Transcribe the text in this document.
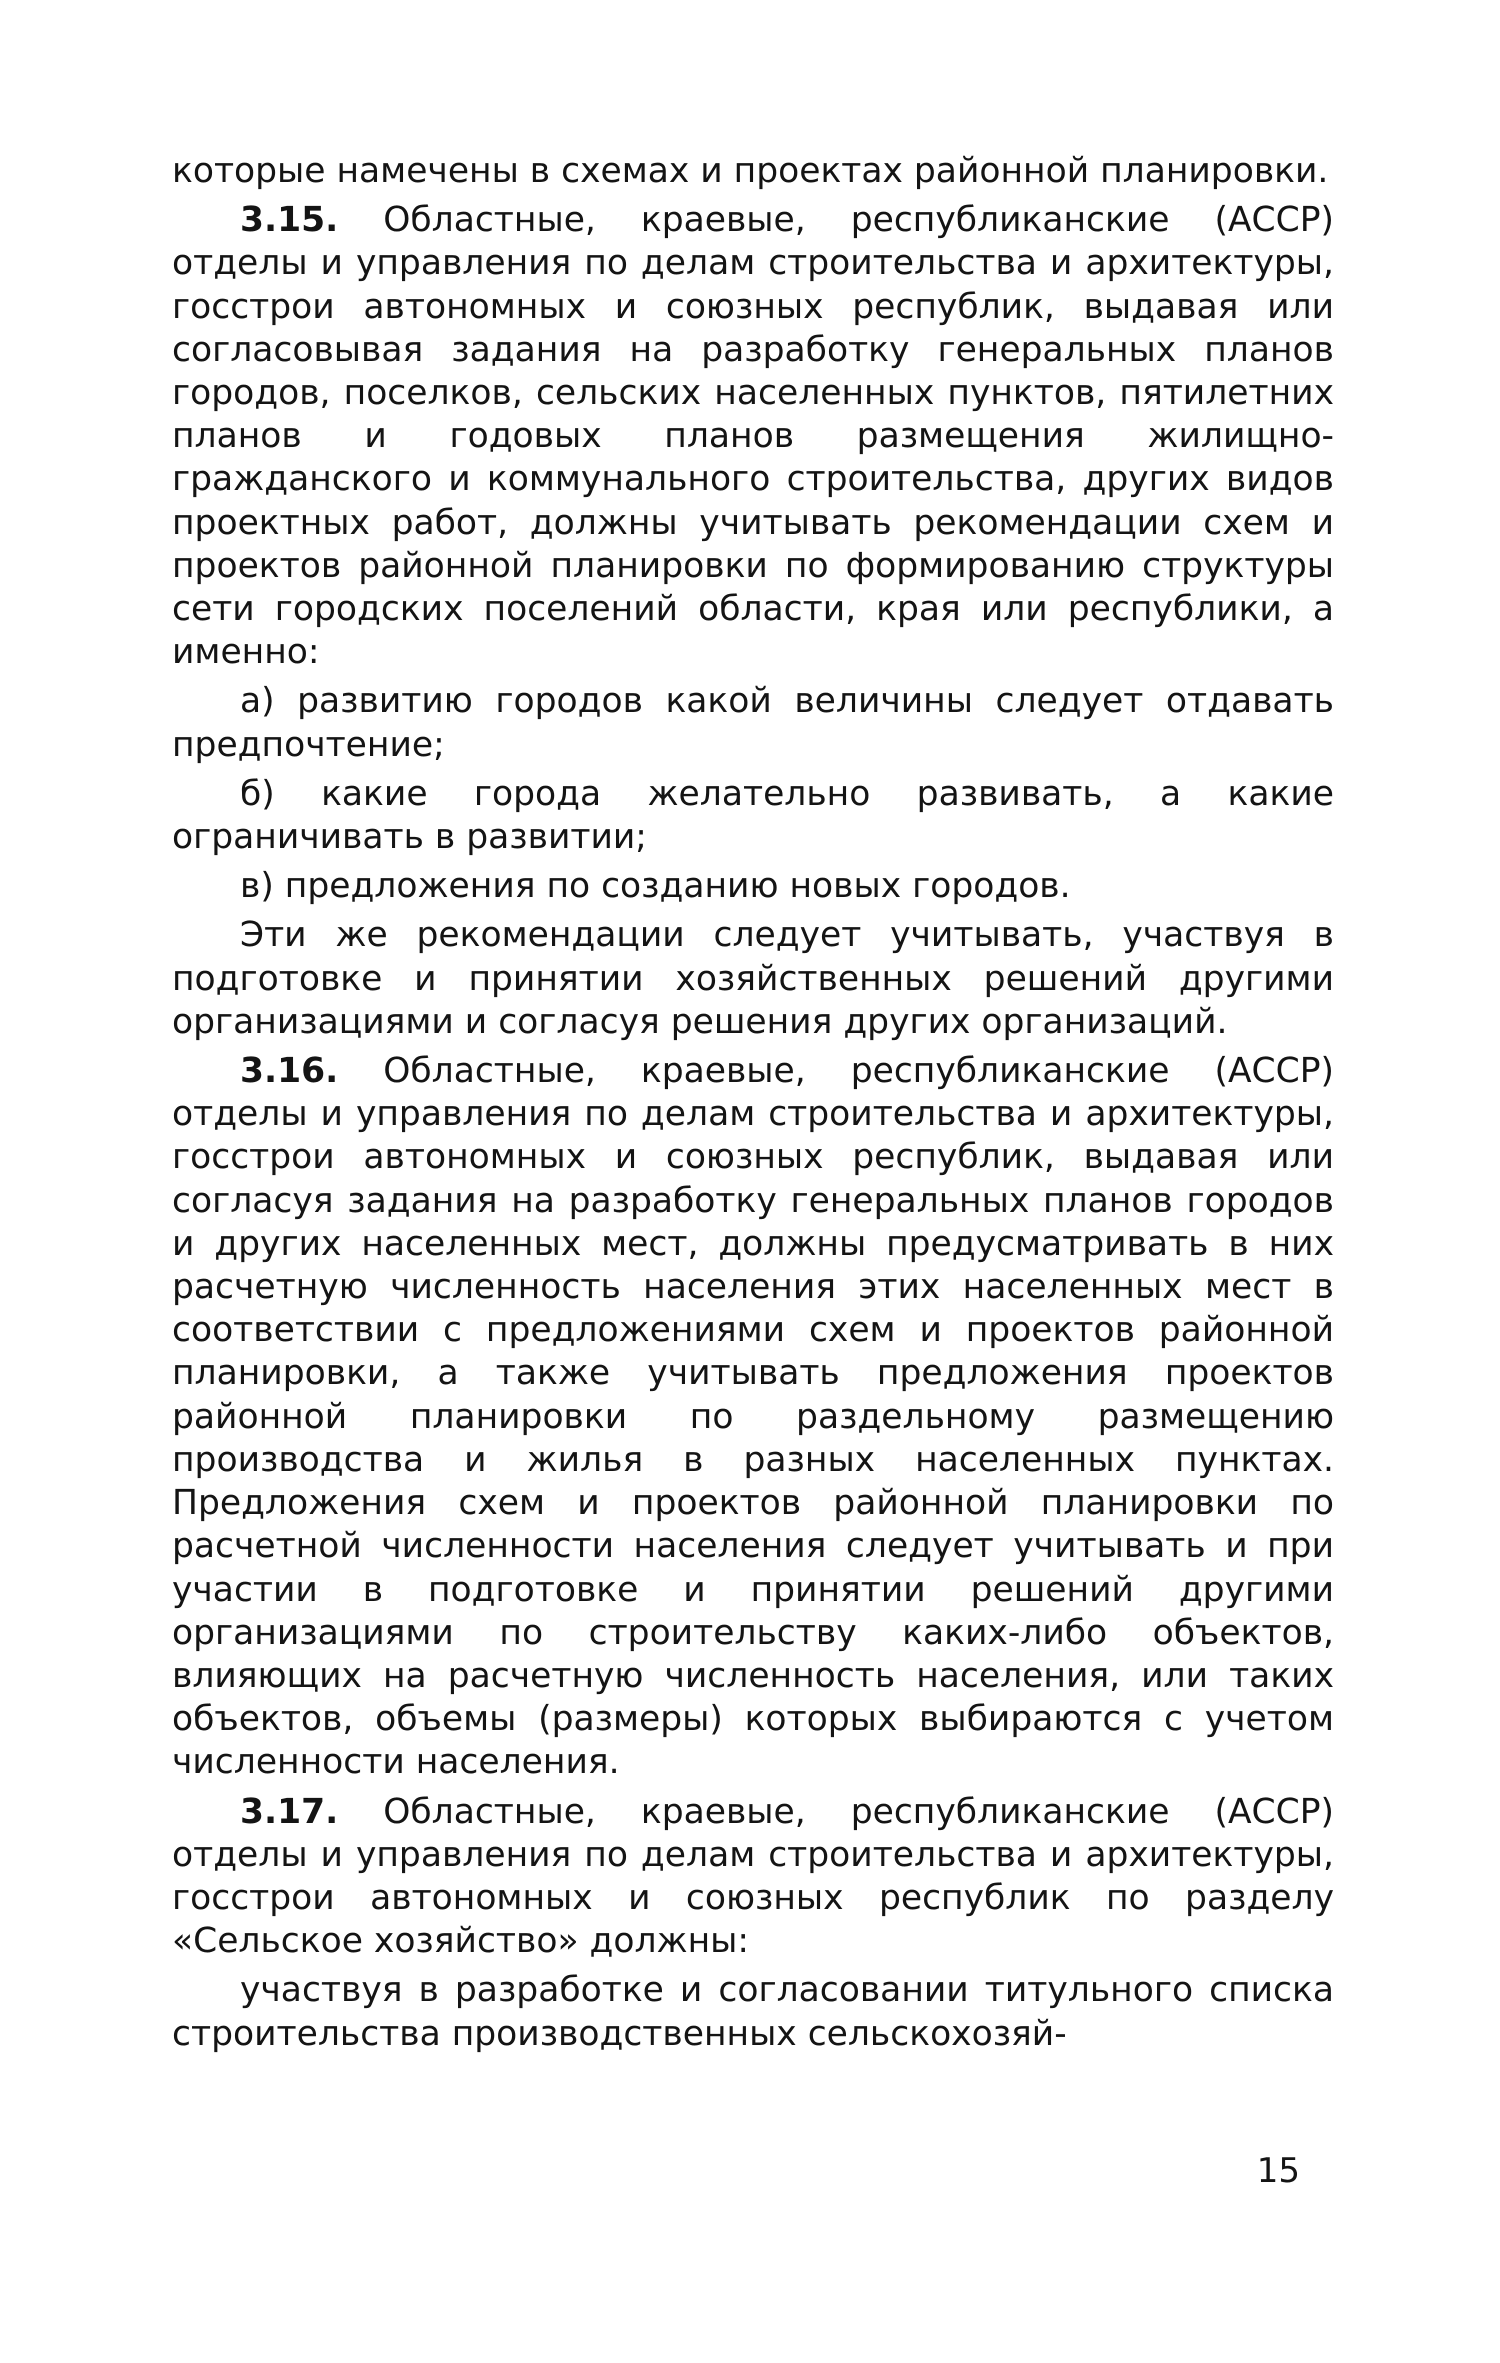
которые намечены в схемах и проектах районной планировки.

3.15. Областные, краевые, республиканские (АССР) отделы и управления по делам строительства и архитектуры, госстрои автономных и союзных республик, выдавая или согласовывая задания на разработку генеральных планов городов, поселков, сельских населенных пунктов, пятилетних планов и годовых планов размещения жилищно-гражданского и коммунального строительства, других видов проектных работ, должны учитывать рекомендации схем и проектов районной планировки по формированию структуры сети городских поселений области, края или республики, а именно:

а) развитию городов какой величины следует отдавать предпочтение;

б) какие города желательно развивать, а какие ограничивать в развитии;

в) предложения по созданию новых городов.

Эти же рекомендации следует учитывать, участвуя в подготовке и принятии хозяйственных решений другими организациями и согласуя решения других организаций.

3.16. Областные, краевые, республиканские (АССР) отделы и управления по делам строительства и архитектуры, госстрои автономных и союзных республик, выдавая или согласуя задания на разработку генеральных планов городов и других населенных мест, должны предусматривать в них расчетную численность населения этих населенных мест в соответствии с предложениями схем и проектов районной планировки, а также учитывать предложения проектов районной планировки по раздельному размещению производства и жилья в разных населенных пунктах. Предложения схем и проектов районной планировки по расчетной численности населения следует учитывать и при участии в подготовке и принятии решений другими организациями по строительству каких-либо объектов, влияющих на расчетную численность населения, или таких объектов, объемы (размеры) которых выбираются с учетом численности населения.

3.17. Областные, краевые, республиканские (АССР) отделы и управления по делам строительства и архитектуры, госстрои автономных и союзных республик по разделу «Сельское хозяйство» должны:

участвуя в разработке и согласовании титульного списка строительства производственных сельскохозяй-

15
